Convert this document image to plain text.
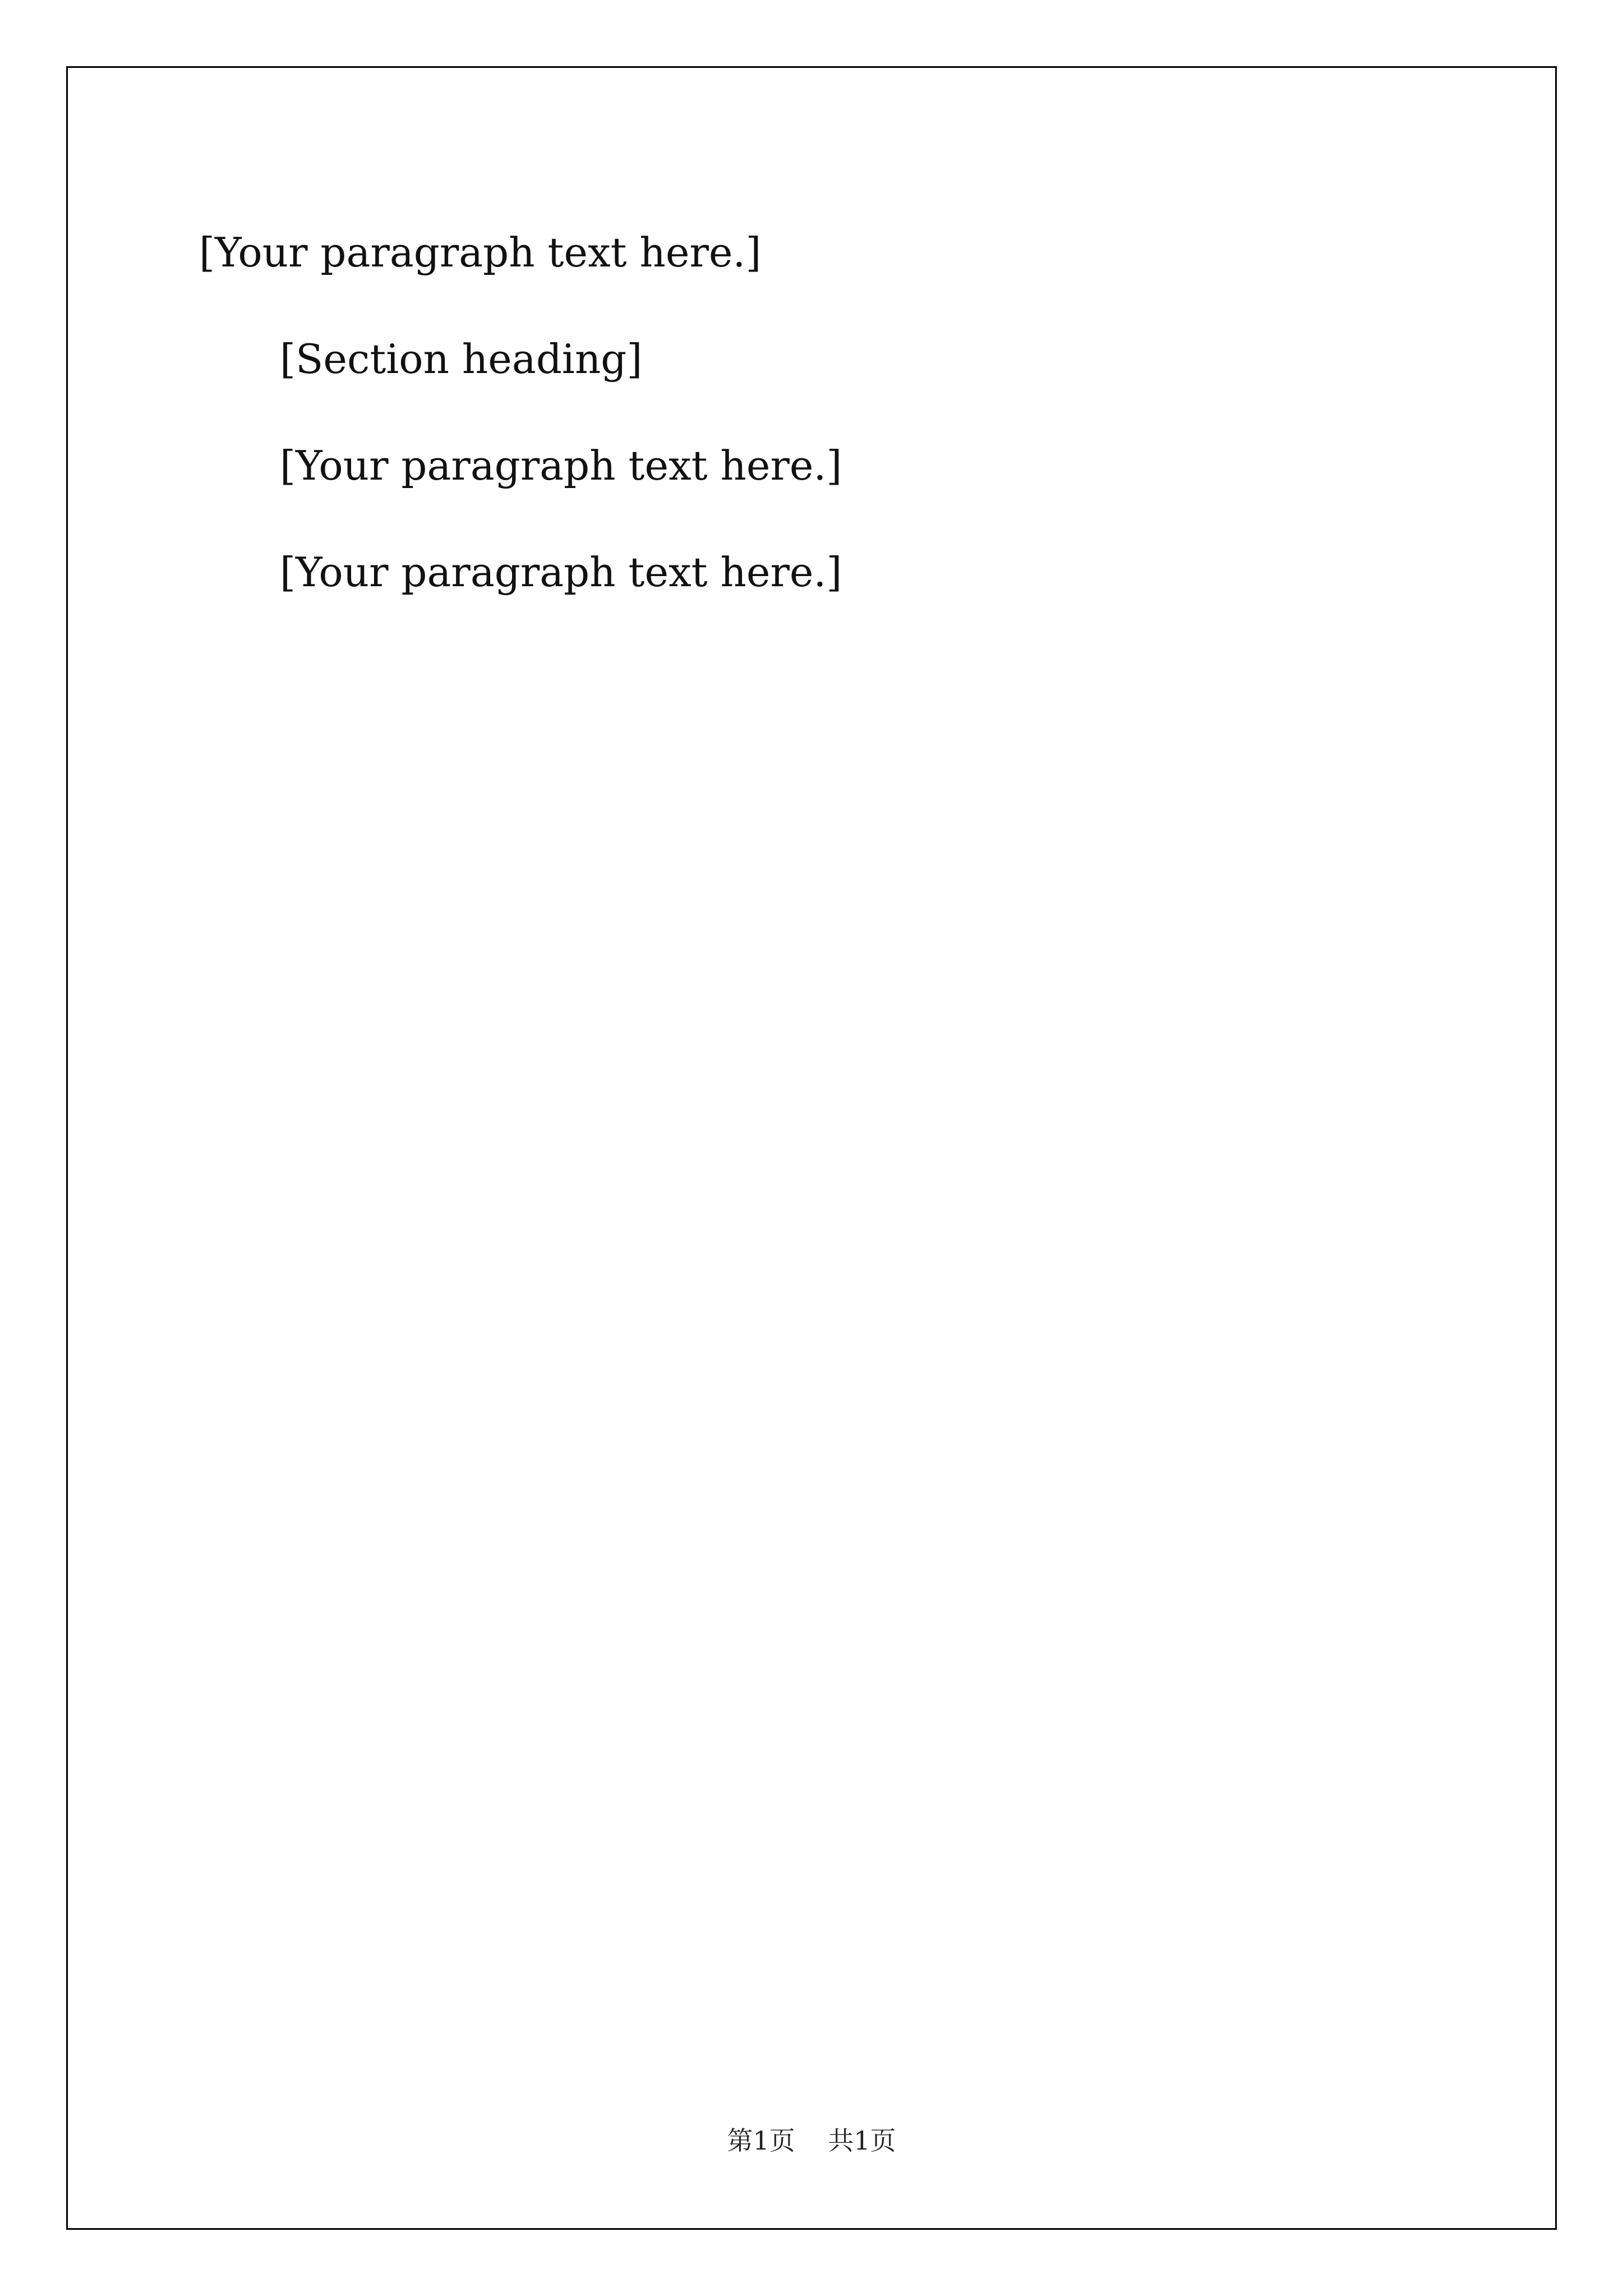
[Your paragraph text here.]

[Section heading]

[Your paragraph text here.]

[Your paragraph text here.]

第1页 共1页
